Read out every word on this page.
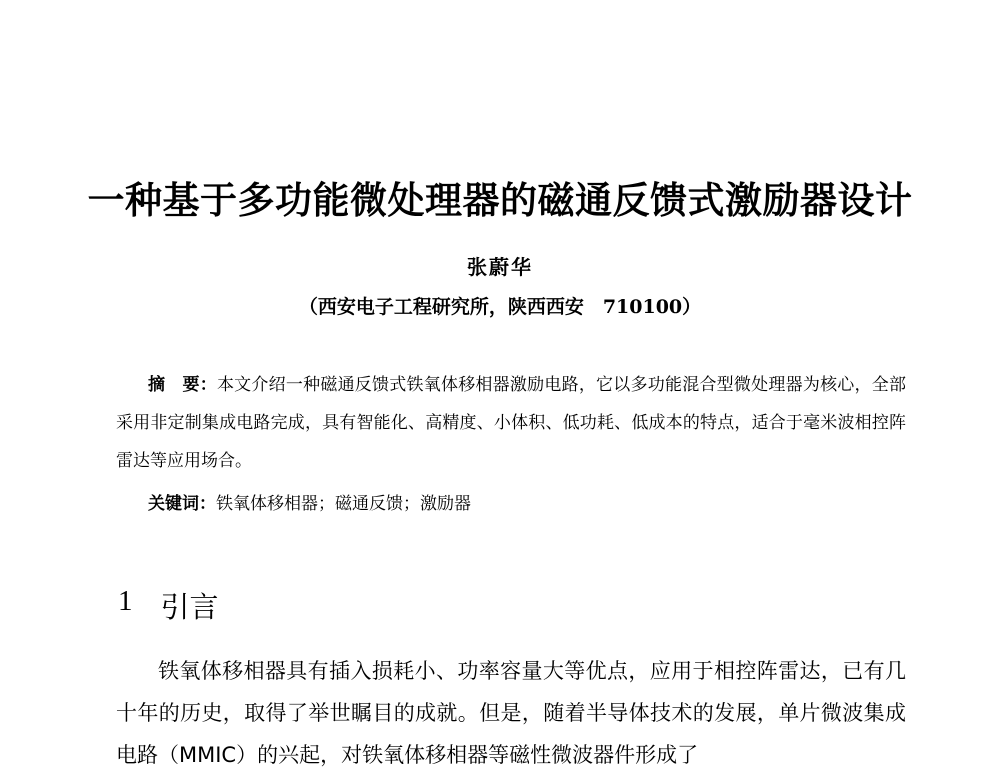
一种基于多功能微处理器的磁通反馈式激励器设计
张蔚华
（西安电子工程研究所，陕西西安　710100）
摘　要：本文介绍一种磁通反馈式铁氧体移相器激励电路，它以多功能混合型微处理器为核心，全部采用非定制集成电路完成，具有智能化、高精度、小体积、低功耗、低成本的特点，适合于毫米波相控阵雷达等应用场合。
关键词：铁氧体移相器；磁通反馈；激励器
1 引言

铁氧体移相器具有插入损耗小、功率容量大等优点，应用于相控阵雷达，已有几十年的历史，取得了举世瞩目的成就。但是，随着半导体技术的发展，单片微波集成电路（MMIC）的兴起，对铁氧体移相器等磁性微波器件形成了
